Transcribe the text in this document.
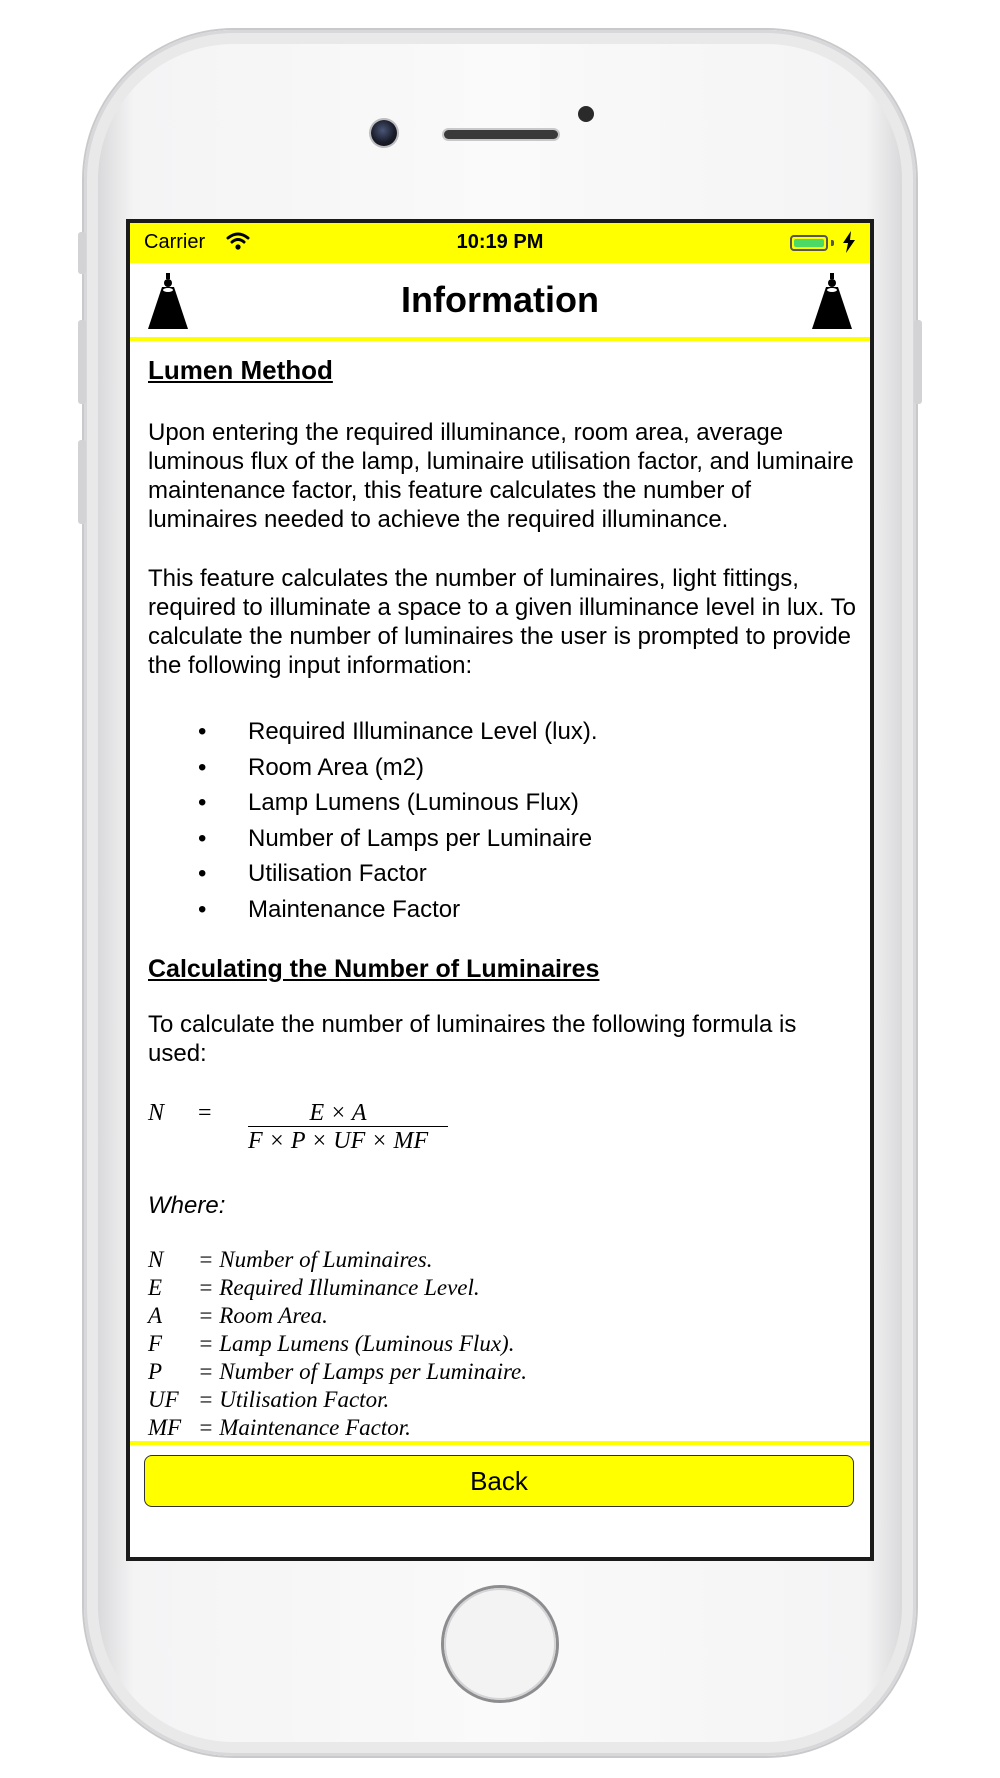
Carrier	10:19 PM
Information
Lumen Method

Upon entering the required illuminance, room area, average luminous flux of the lamp, luminaire utilisation factor, and luminaire maintenance factor, this feature calculates the number of luminaires needed to achieve the required illuminance.

This feature calculates the number of luminaires, light fittings, required to illuminate a space to a given illuminance level in lux. To calculate the number of luminaires the user is prompted to provide the following input information:

• Required Illuminance Level (lux).
• Room Area (m2)
• Lamp Lumens (Luminous Flux)
• Number of Lamps per Luminaire
• Utilisation Factor
• Maintenance Factor
Calculating the Number of Luminaires

To calculate the number of luminaires the following formula is used:

N =	E × A
F × P × UF × MF
Where:
N	= Number of Luminaires.
E	= Required Illuminance Level.
A	= Room Area.
F	= Lamp Lumens (Luminous Flux).
P	= Number of Lamps per Luminaire.
UF = Utilisation Factor.
MF = Maintenance Factor.
Back
